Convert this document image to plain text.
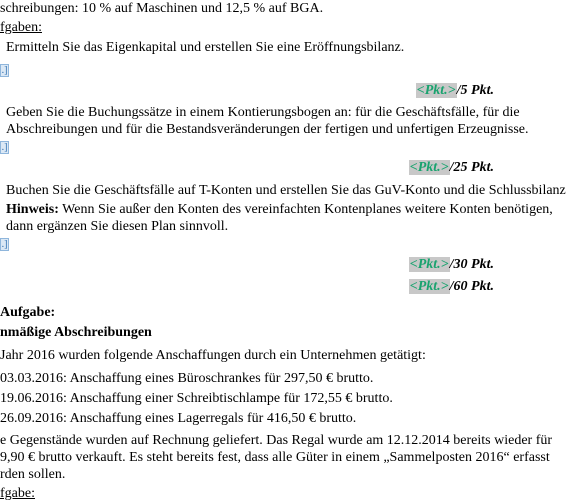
schreibungen: 10 % auf Maschinen und 12,5 % auf BGA.
fgaben:
Ermitteln Sie das Eigenkapital und erstellen Sie eine Eröffnungsbilanz.
.]
<Pkt.>/5 Pkt.
Geben Sie die Buchungssätze in einem Kontierungsbogen an: für die Geschäftsfälle, für die
Abschreibungen und für die Bestandsveränderungen der fertigen und unfertigen Erzeugnisse.
.]
<Pkt.>/25 Pkt.
Buchen Sie die Geschäftsfälle auf T-Konten und erstellen Sie das GuV-Konto und die Schlussbilanz
Hinweis: Wenn Sie außer den Konten des vereinfachten Kontenplanes weitere Konten benötigen,
dann ergänzen Sie diesen Plan sinnvoll.
.]
<Pkt.>/30 Pkt.
<Pkt.>/60 Pkt.
Aufgabe:
nmäßige Abschreibungen
Jahr 2016 wurden folgende Anschaffungen durch ein Unternehmen getätigt:
03.03.2016: Anschaffung eines Büroschrankes für 297,50 € brutto.
19.06.2016: Anschaffung einer Schreibtischlampe für 172,55 € brutto.
26.09.2016: Anschaffung eines Lagerregals für 416,50 € brutto.
e Gegenstände wurden auf Rechnung geliefert. Das Regal wurde am 12.12.2014 bereits wieder für
9,90 € brutto verkauft. Es steht bereits fest, dass alle Güter in einem „Sammelposten 2016“ erfasst
rden sollen.
fgabe:
